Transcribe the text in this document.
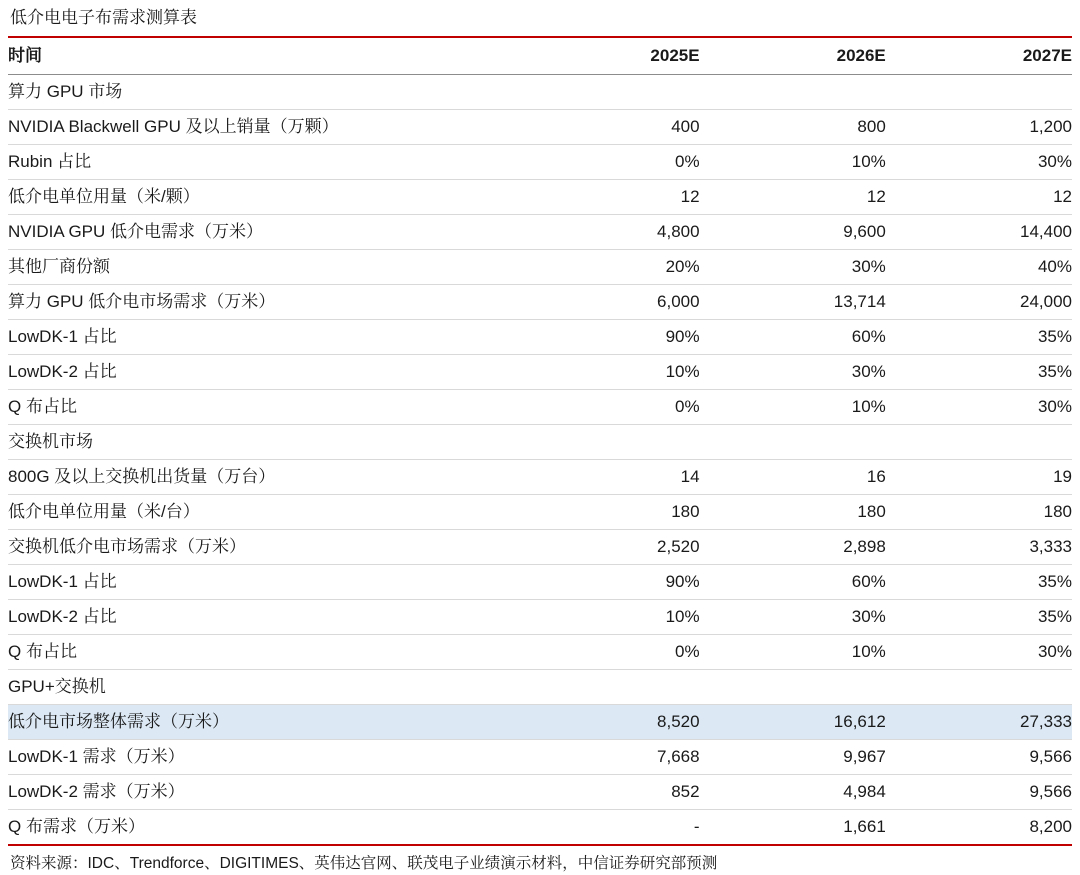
低介电电子布需求测算表
时间	2025E	2026E	2027E
算力 GPU 市场			
NVIDIA Blackwell GPU 及以上销量（万颗）	400	800	1,200
Rubin 占比	0%	10%	30%
低介电单位用量（米/颗）	12	12	12
NVIDIA GPU 低介电需求（万米）	4,800	9,600	14,400
其他厂商份额	20%	30%	40%
算力 GPU 低介电市场需求（万米）	6,000	13,714	24,000
LowDK-1 占比	90%	60%	35%
LowDK-2 占比	10%	30%	35%
Q 布占比	0%	10%	30%
交换机市场			
800G 及以上交换机出货量（万台）	14	16	19
低介电单位用量（米/台）	180	180	180
交换机低介电市场需求（万米）	2,520	2,898	3,333
LowDK-1 占比	90%	60%	35%
LowDK-2 占比	10%	30%	35%
Q 布占比	0%	10%	30%
GPU+交换机			
低介电市场整体需求（万米）	8,520	16,612	27,333
LowDK-1 需求（万米）	7,668	9,967	9,566
LowDK-2 需求（万米）	852	4,984	9,566
Q 布需求（万米）	-	1,661	8,200
资料来源：IDC、Trendforce、DIGITIMES、英伟达官网、联茂电子业绩演示材料，中信证券研究部预测
